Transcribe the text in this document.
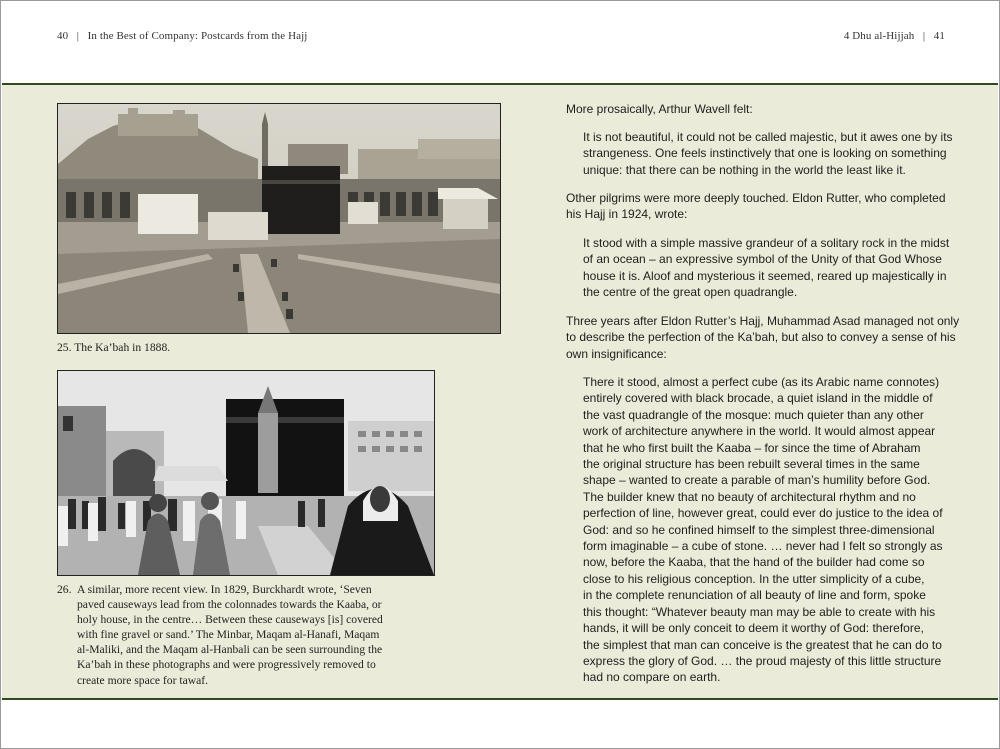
40 | In the Best of Company: Postcards from the Hajj	4 Dhu al-Hijjah | 41
25. The Ka’bah in 1888.
26. A similar, more recent view. In 1829, Burckhardt wrote, ‘Seven
paved causeways lead from the colonnades towards the Kaaba, or
holy house, in the centre… Between these causeways [is] covered
with fine gravel or sand.’ The Minbar, Maqam al-Hanafi, Maqam
al-Maliki, and the Maqam al-Hanbali can be seen surrounding the
Ka’bah in these photographs and were progressively removed to
create more space for tawaf.
More prosaically, Arthur Wavell felt:
It is not beautiful, it could not be called majestic, but it awes one by its
strangeness. One feels instinctively that one is looking on something
unique: that there can be nothing in the world the least like it.
Other pilgrims were more deeply touched. Eldon Rutter, who completed
his Hajj in 1924, wrote:
It stood with a simple massive grandeur of a solitary rock in the midst
of an ocean – an expressive symbol of the Unity of that God Whose
house it is. Aloof and mysterious it seemed, reared up majestically in
the centre of the great open quadrangle.
Three years after Eldon Rutter’s Hajj, Muhammad Asad managed not only
to describe the perfection of the Ka’bah, but also to convey a sense of his
own insignificance:
There it stood, almost a perfect cube (as its Arabic name connotes)
entirely covered with black brocade, a quiet island in the middle of
the vast quadrangle of the mosque: much quieter than any other
work of architecture anywhere in the world. It would almost appear
that he who first built the Kaaba – for since the time of Abraham
the original structure has been rebuilt several times in the same
shape – wanted to create a parable of man’s humility before God.
The builder knew that no beauty of architectural rhythm and no
perfection of line, however great, could ever do justice to the idea of
God: and so he confined himself to the simplest three-dimensional
form imaginable – a cube of stone. … never had I felt so strongly as
now, before the Kaaba, that the hand of the builder had come so
close to his religious conception. In the utter simplicity of a cube,
in the complete renunciation of all beauty of line and form, spoke
this thought: “Whatever beauty man may be able to create with his
hands, it will be only conceit to deem it worthy of God: therefore,
the simplest that man can conceive is the greatest that he can do to
express the glory of God. … the proud majesty of this little structure
had no compare on earth.
